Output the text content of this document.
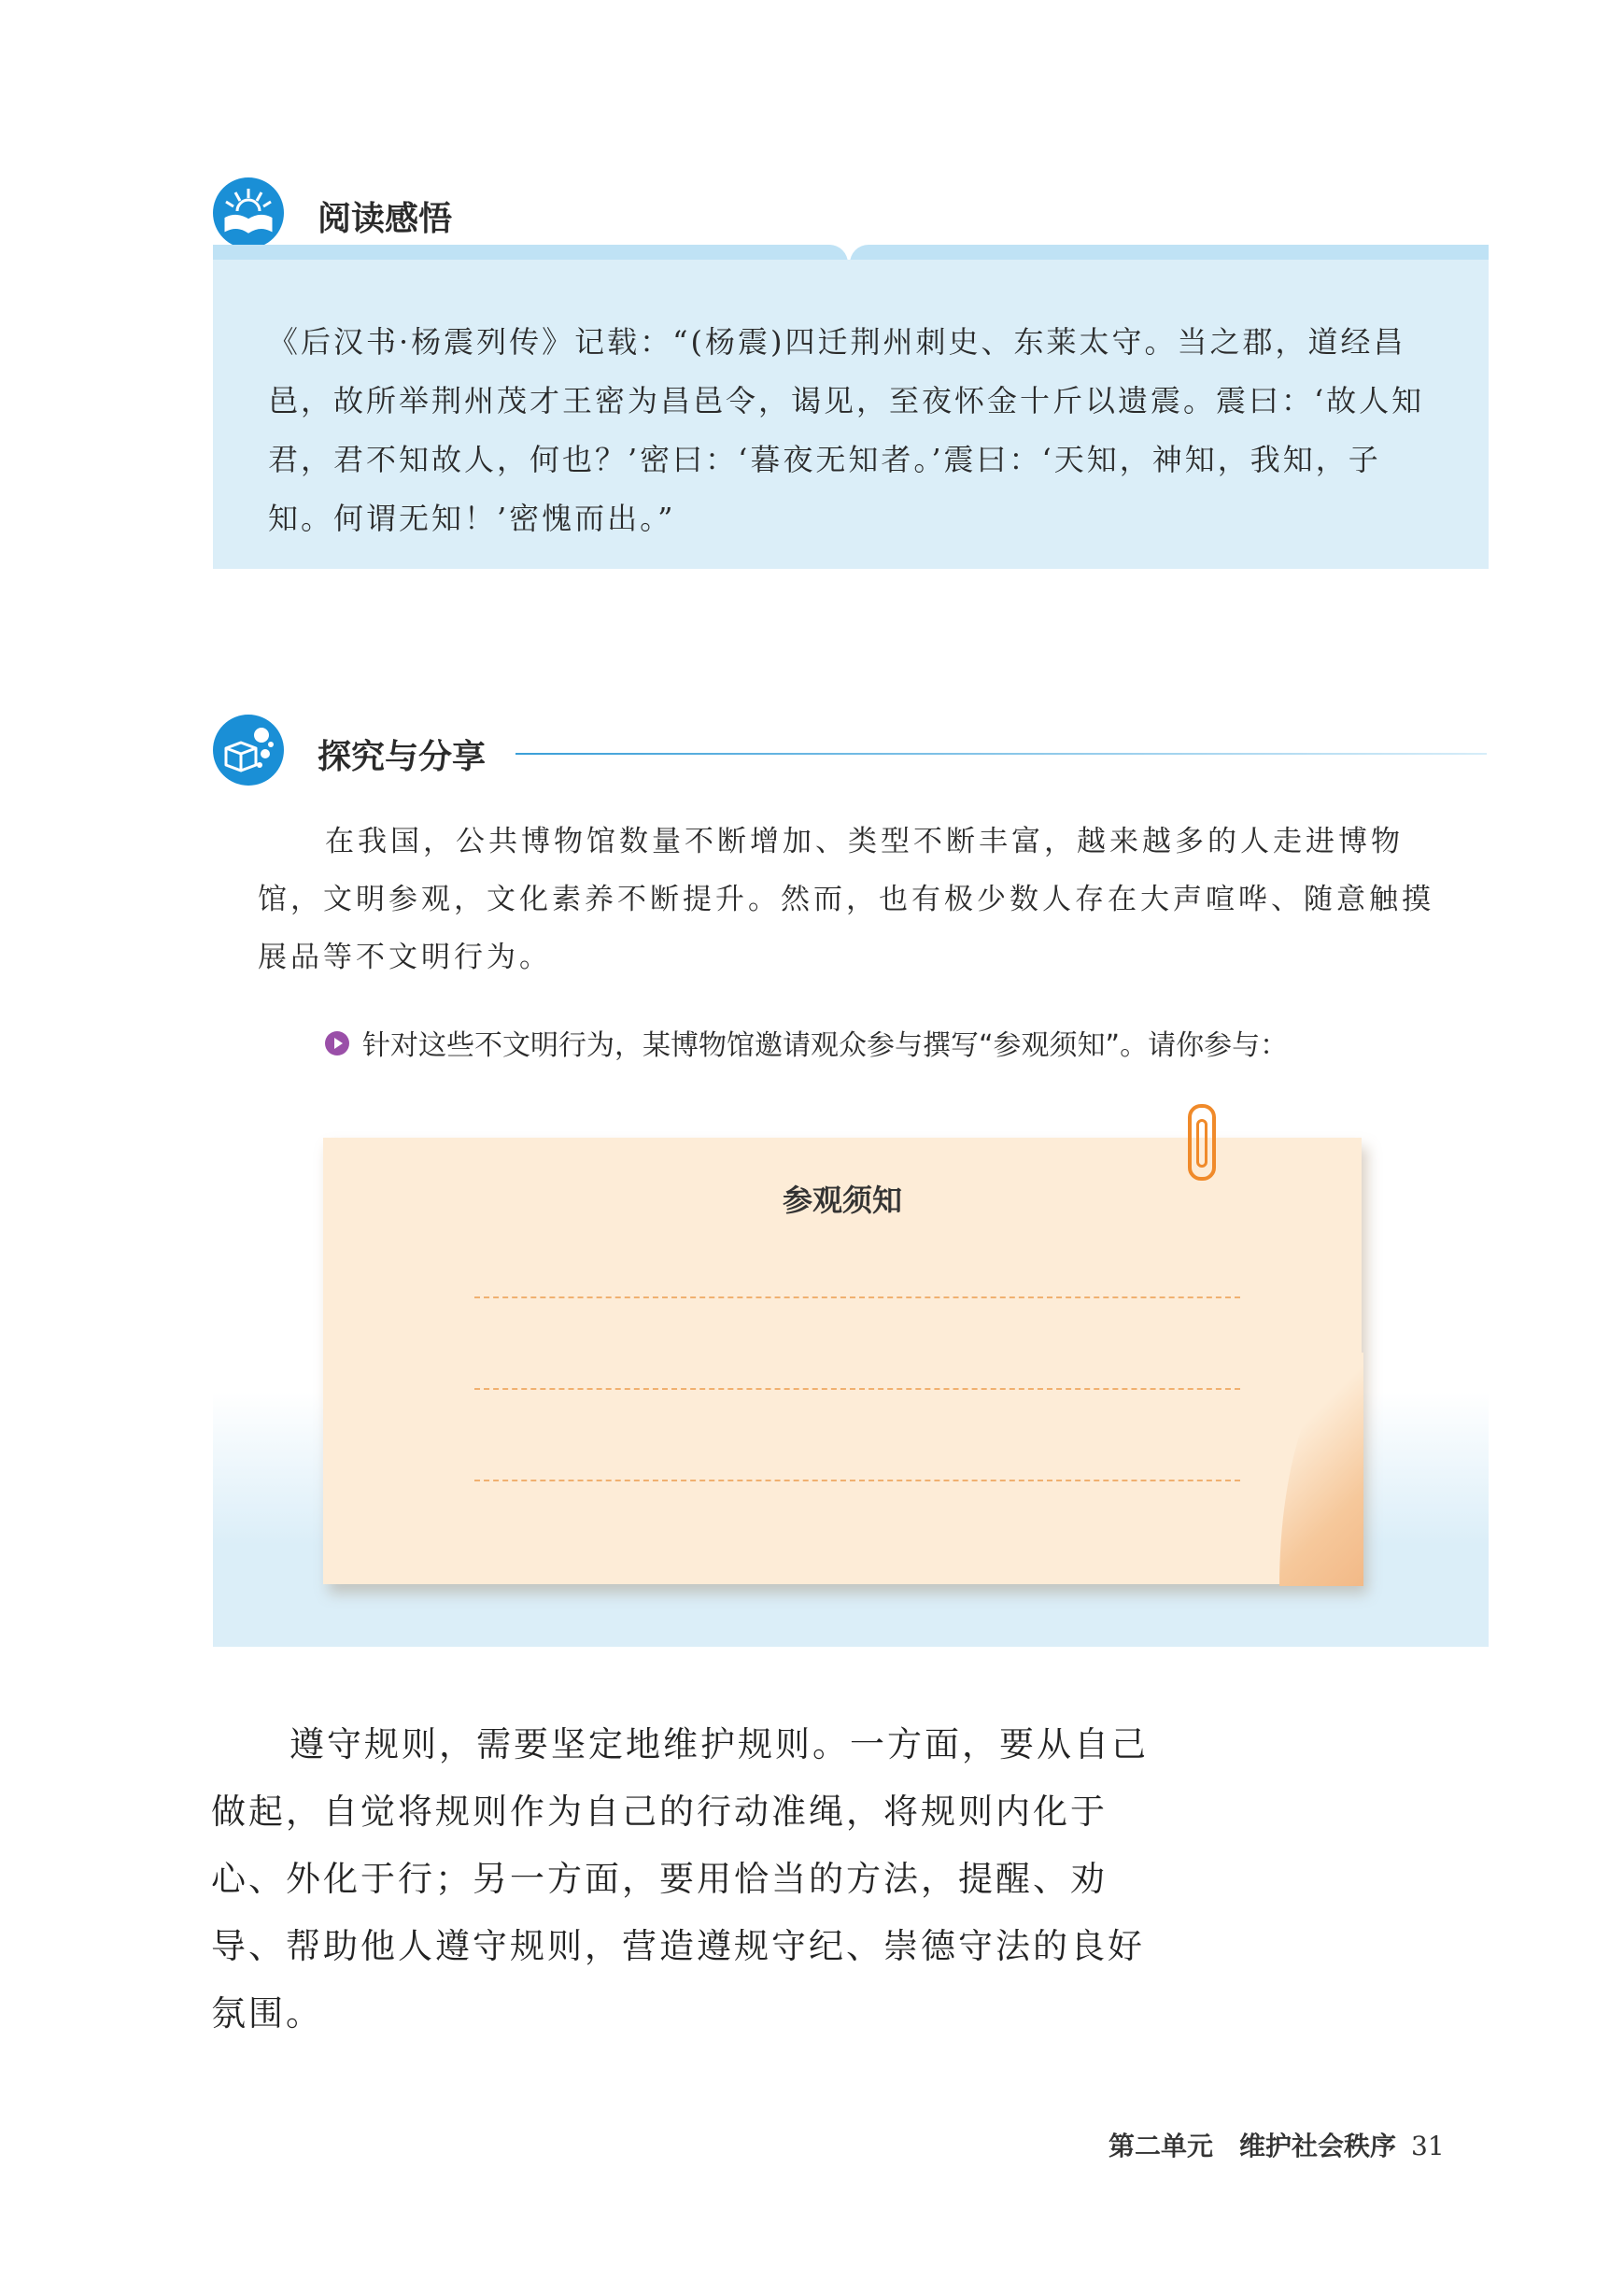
阅读感悟
《后汉书·杨震列传》记载：“(杨震)四迁荆州刺史、东莱太守。当之郡，道经昌邑，故所举荆州茂才王密为昌邑令，谒见，至夜怀金十斤以遗震。震曰：‘故人知君，君不知故人，何也？’密曰：‘暮夜无知者。’震曰：‘天知，神知，我知，子知。何谓无知！’密愧而出。”
探究与分享
在我国，公共博物馆数量不断增加、类型不断丰富，越来越多的人走进博物馆，文明参观，文化素养不断提升。然而，也有极少数人存在大声喧哗、随意触摸展品等不文明行为。
针对这些不文明行为，某博物馆邀请观众参与撰写“参观须知”。请你参与：
参观须知
遵守规则，需要坚定地维护规则。一方面，要从自己做起，自觉将规则作为自己的行动准绳，将规则内化于心、外化于行；另一方面，要用恰当的方法，提醒、劝导、帮助他人遵守规则，营造遵规守纪、崇德守法的良好氛围。
第二单元　维护社会秩序 31
